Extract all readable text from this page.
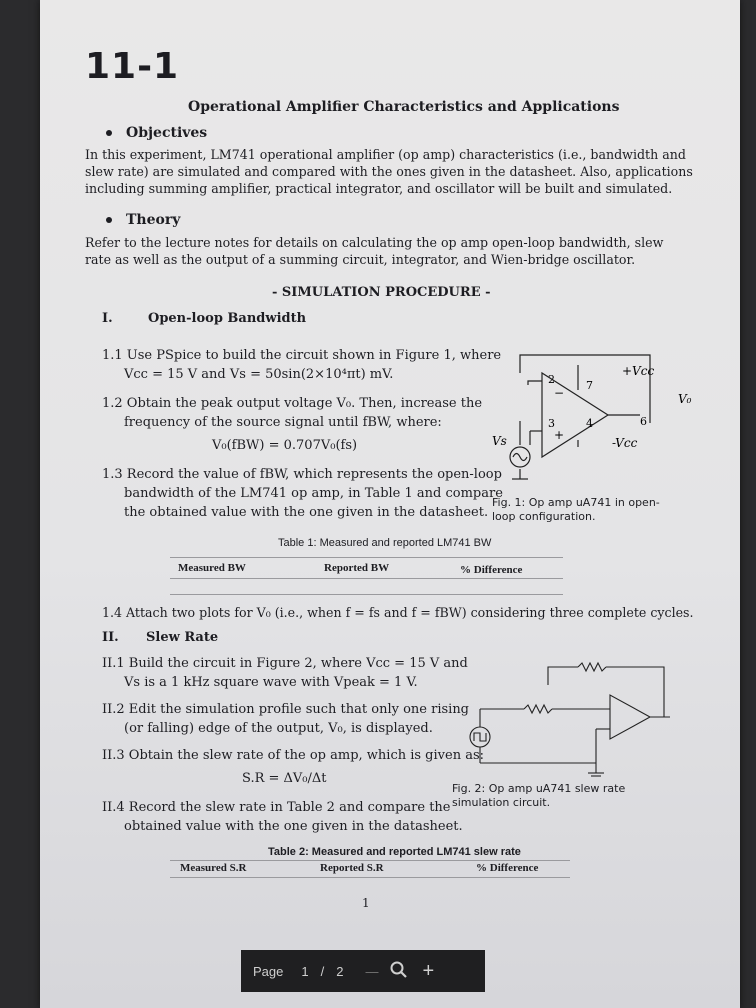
11-1
Operational Amplifier Characteristics and Applications
Objectives
In this experiment, LM741 operational amplifier (op amp) characteristics (i.e., bandwidth and
slew rate) are simulated and compared with the ones given in the datasheet. Also, applications
including summing amplifier, practical integrator, and oscillator will be built and simulated.
Theory
Refer to the lecture notes for details on calculating the op amp open-loop bandwidth, slew
rate as well as the output of a summing circuit, integrator, and Wien-bridge oscillator.
- SIMULATION PROCEDURE -
I.	Open-loop Bandwidth
1.1 Use PSpice to build the circuit shown in Figure 1, where
Vcc = 15 V and Vs = 50sin(2×10⁴πt) mV.
1.2 Obtain the peak output voltage V₀. Then, increase the
frequency of the source signal until fBW, where:
V₀(fBW) = 0.707V₀(fs)
1.3 Record the value of fBW, which represents the open-loop
bandwidth of the LM741 op amp, in Table 1 and compare
the obtained value with the one given in the datasheet.
+Vcc
-Vcc
V₀
Vs
2
3
7
4	6
−
+
Fig. 1: Op amp uA741 in open-
loop configuration.
Table 1: Measured and reported LM741 BW
Measured BW	Reported BW	% Difference
1.4 Attach two plots for V₀ (i.e., when f = fs and f = fBW) considering three complete cycles.
II. Slew Rate
II.1 Build the circuit in Figure 2, where Vcc = 15 V and
Vs is a 1 kHz square wave with Vpeak = 1 V.
II.2 Edit the simulation profile such that only one rising
(or falling) edge of the output, V₀, is displayed.
II.3 Obtain the slew rate of the op amp, which is given as:
S.R = ΔV₀/Δt
II.4 Record the slew rate in Table 2 and compare the
obtained value with the one given in the datasheet.
Fig. 2: Op amp uA741 slew rate
simulation circuit.
Table 2: Measured and reported LM741 slew rate
Measured S.R	Reported S.R	% Difference
1
Page 1 / 2 — +
